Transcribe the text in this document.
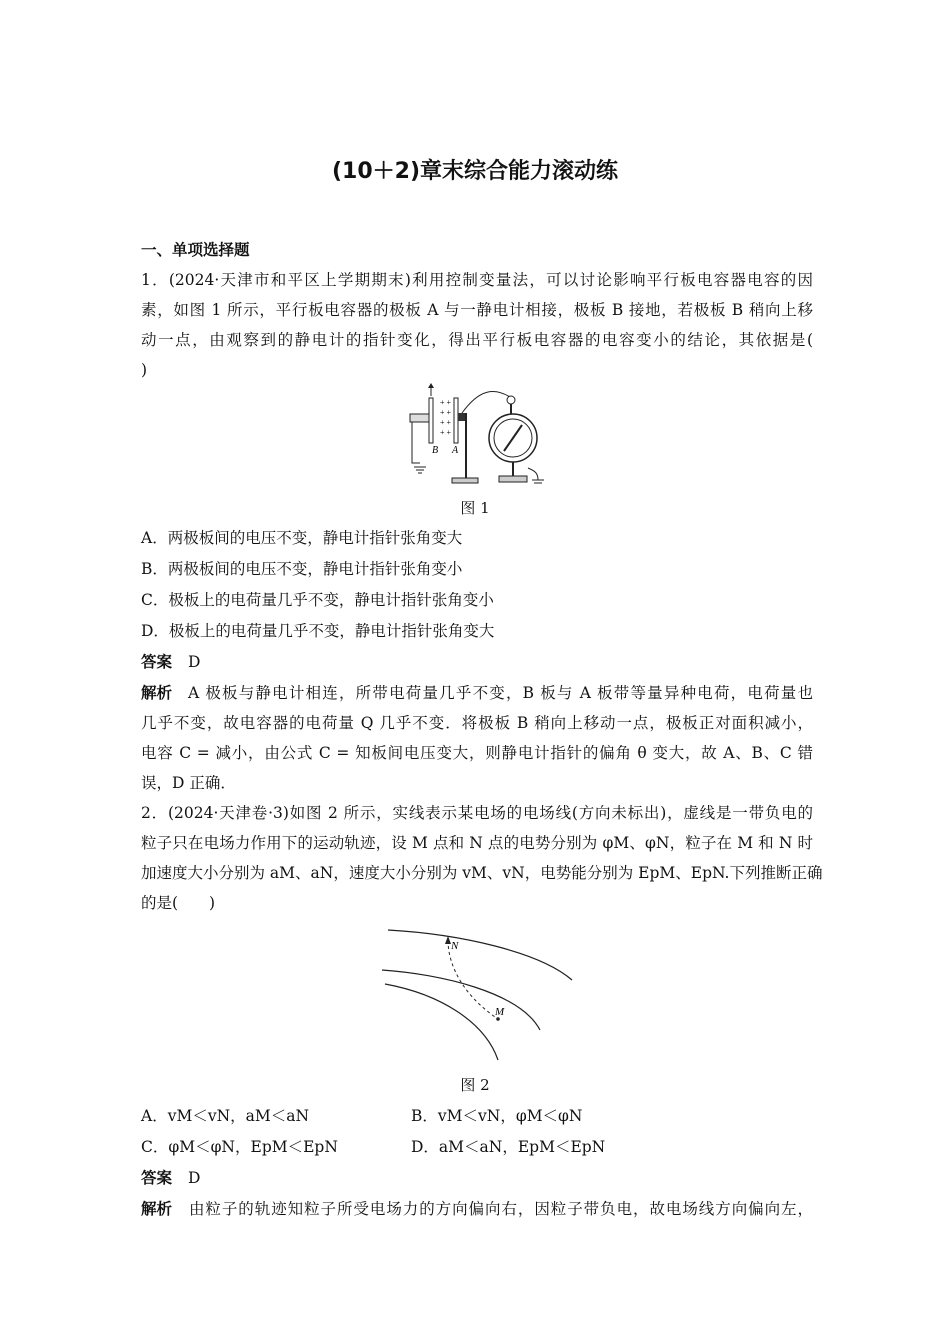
(10＋2)章末综合能力滚动练
一、单项选择题
1．(2024·天津市和平区上学期期末)利用控制变量法，可以讨论影响平行板电容器电容的因
素，如图 1 所示，平行板电容器的极板 A 与一静电计相接，极板 B 接地，若极板 B 稍向上移
动一点，由观察到的静电计的指针变化，得出平行板电容器的电容变小的结论，其依据是(
)
+ +
+ +
+ +
+ +
B A
图 1
A．两极板间的电压不变，静电计指针张角变大
B．两极板间的电压不变，静电计指针张角变小
C．极板上的电荷量几乎不变，静电计指针张角变小
D．极板上的电荷量几乎不变，静电计指针张角变大
答案 D
解析 A 极板与静电计相连，所带电荷量几乎不变，B 板与 A 板带等量异种电荷，电荷量也
几乎不变，故电容器的电荷量 Q 几乎不变．将极板 B 稍向上移动一点，极板正对面积减小，
电容 C = 减小，由公式 C = 知板间电压变大，则静电计指针的偏角 θ 变大，故 A、B、C 错
误，D 正确．
2．(2024·天津卷·3)如图 2 所示，实线表示某电场的电场线(方向未标出)，虚线是一带负电的
粒子只在电场力作用下的运动轨迹，设 M 点和 N 点的电势分别为 φM、φN，粒子在 M 和 N 时
加速度大小分别为 aM、aN，速度大小分别为 vM、vN，电势能分别为 EpM、EpN.下列推断正确
的是(　　)
N
M
图 2
A．vM＜vN，aM＜aN	B．vM＜vN，φM＜φN
C．φM＜φN，EpM＜EpN	D．aM＜aN，EpM＜EpN
答案 D
解析 由粒子的轨迹知粒子所受电场力的方向偏向右，因粒子带负电，故电场线方向偏向左，
